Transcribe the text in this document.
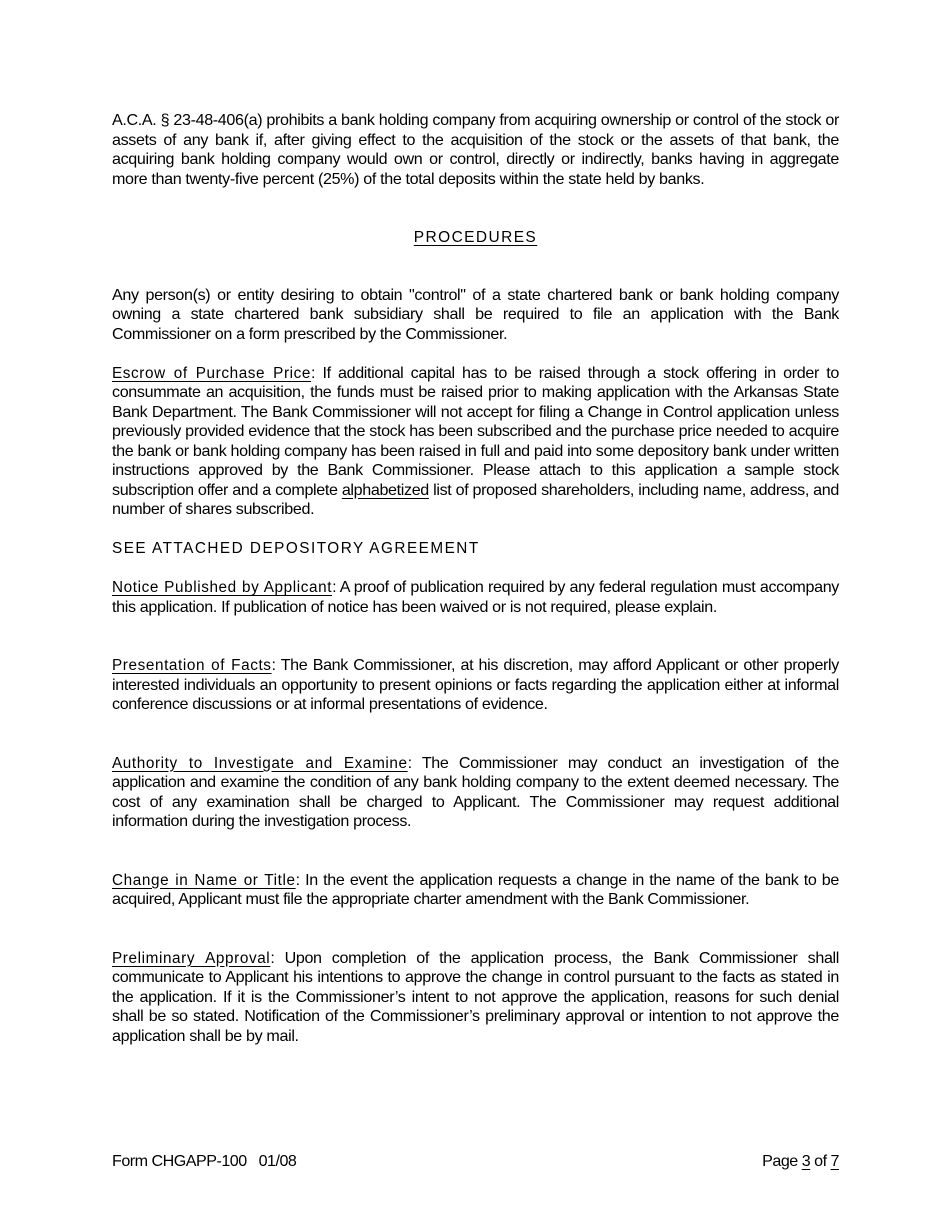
A.C.A. § 23-48-406(a) prohibits a bank holding company from acquiring ownership or control of the stock or assets of any bank if, after giving effect to the acquisition of the stock or the assets of that bank, the acquiring bank holding company would own or control, directly or indirectly, banks having in aggregate more than twenty-five percent (25%) of the total deposits within the state held by banks.

PROCEDURES

Any person(s) or entity desiring to obtain "control" of a state chartered bank or bank holding company owning a state chartered bank subsidiary shall be required to file an application with the Bank Commissioner on a form prescribed by the Commissioner.

Escrow of Purchase Price: If additional capital has to be raised through a stock offering in order to consummate an acquisition, the funds must be raised prior to making application with the Arkansas State Bank Department. The Bank Commissioner will not accept for filing a Change in Control application unless previously provided evidence that the stock has been subscribed and the purchase price needed to acquire the bank or bank holding company has been raised in full and paid into some depository bank under written instructions approved by the Bank Commissioner. Please attach to this application a sample stock subscription offer and a complete alphabetized list of proposed shareholders, including name, address, and number of shares subscribed.

SEE ATTACHED DEPOSITORY AGREEMENT

Notice Published by Applicant: A proof of publication required by any federal regulation must accompany this application. If publication of notice has been waived or is not required, please explain.

Presentation of Facts: The Bank Commissioner, at his discretion, may afford Applicant or other properly interested individuals an opportunity to present opinions or facts regarding the application either at informal conference discussions or at informal presentations of evidence.

Authority to Investigate and Examine: The Commissioner may conduct an investigation of the application and examine the condition of any bank holding company to the extent deemed necessary. The cost of any examination shall be charged to Applicant. The Commissioner may request additional information during the investigation process.

Change in Name or Title: In the event the application requests a change in the name of the bank to be acquired, Applicant must file the appropriate charter amendment with the Bank Commissioner.

Preliminary Approval: Upon completion of the application process, the Bank Commissioner shall communicate to Applicant his intentions to approve the change in control pursuant to the facts as stated in the application. If it is the Commissioner’s intent to not approve the application, reasons for such denial shall be so stated. Notification of the Commissioner’s preliminary approval or intention to not approve the application shall be by mail.

Form CHGAPP-100   01/08	Page 3 of 7
